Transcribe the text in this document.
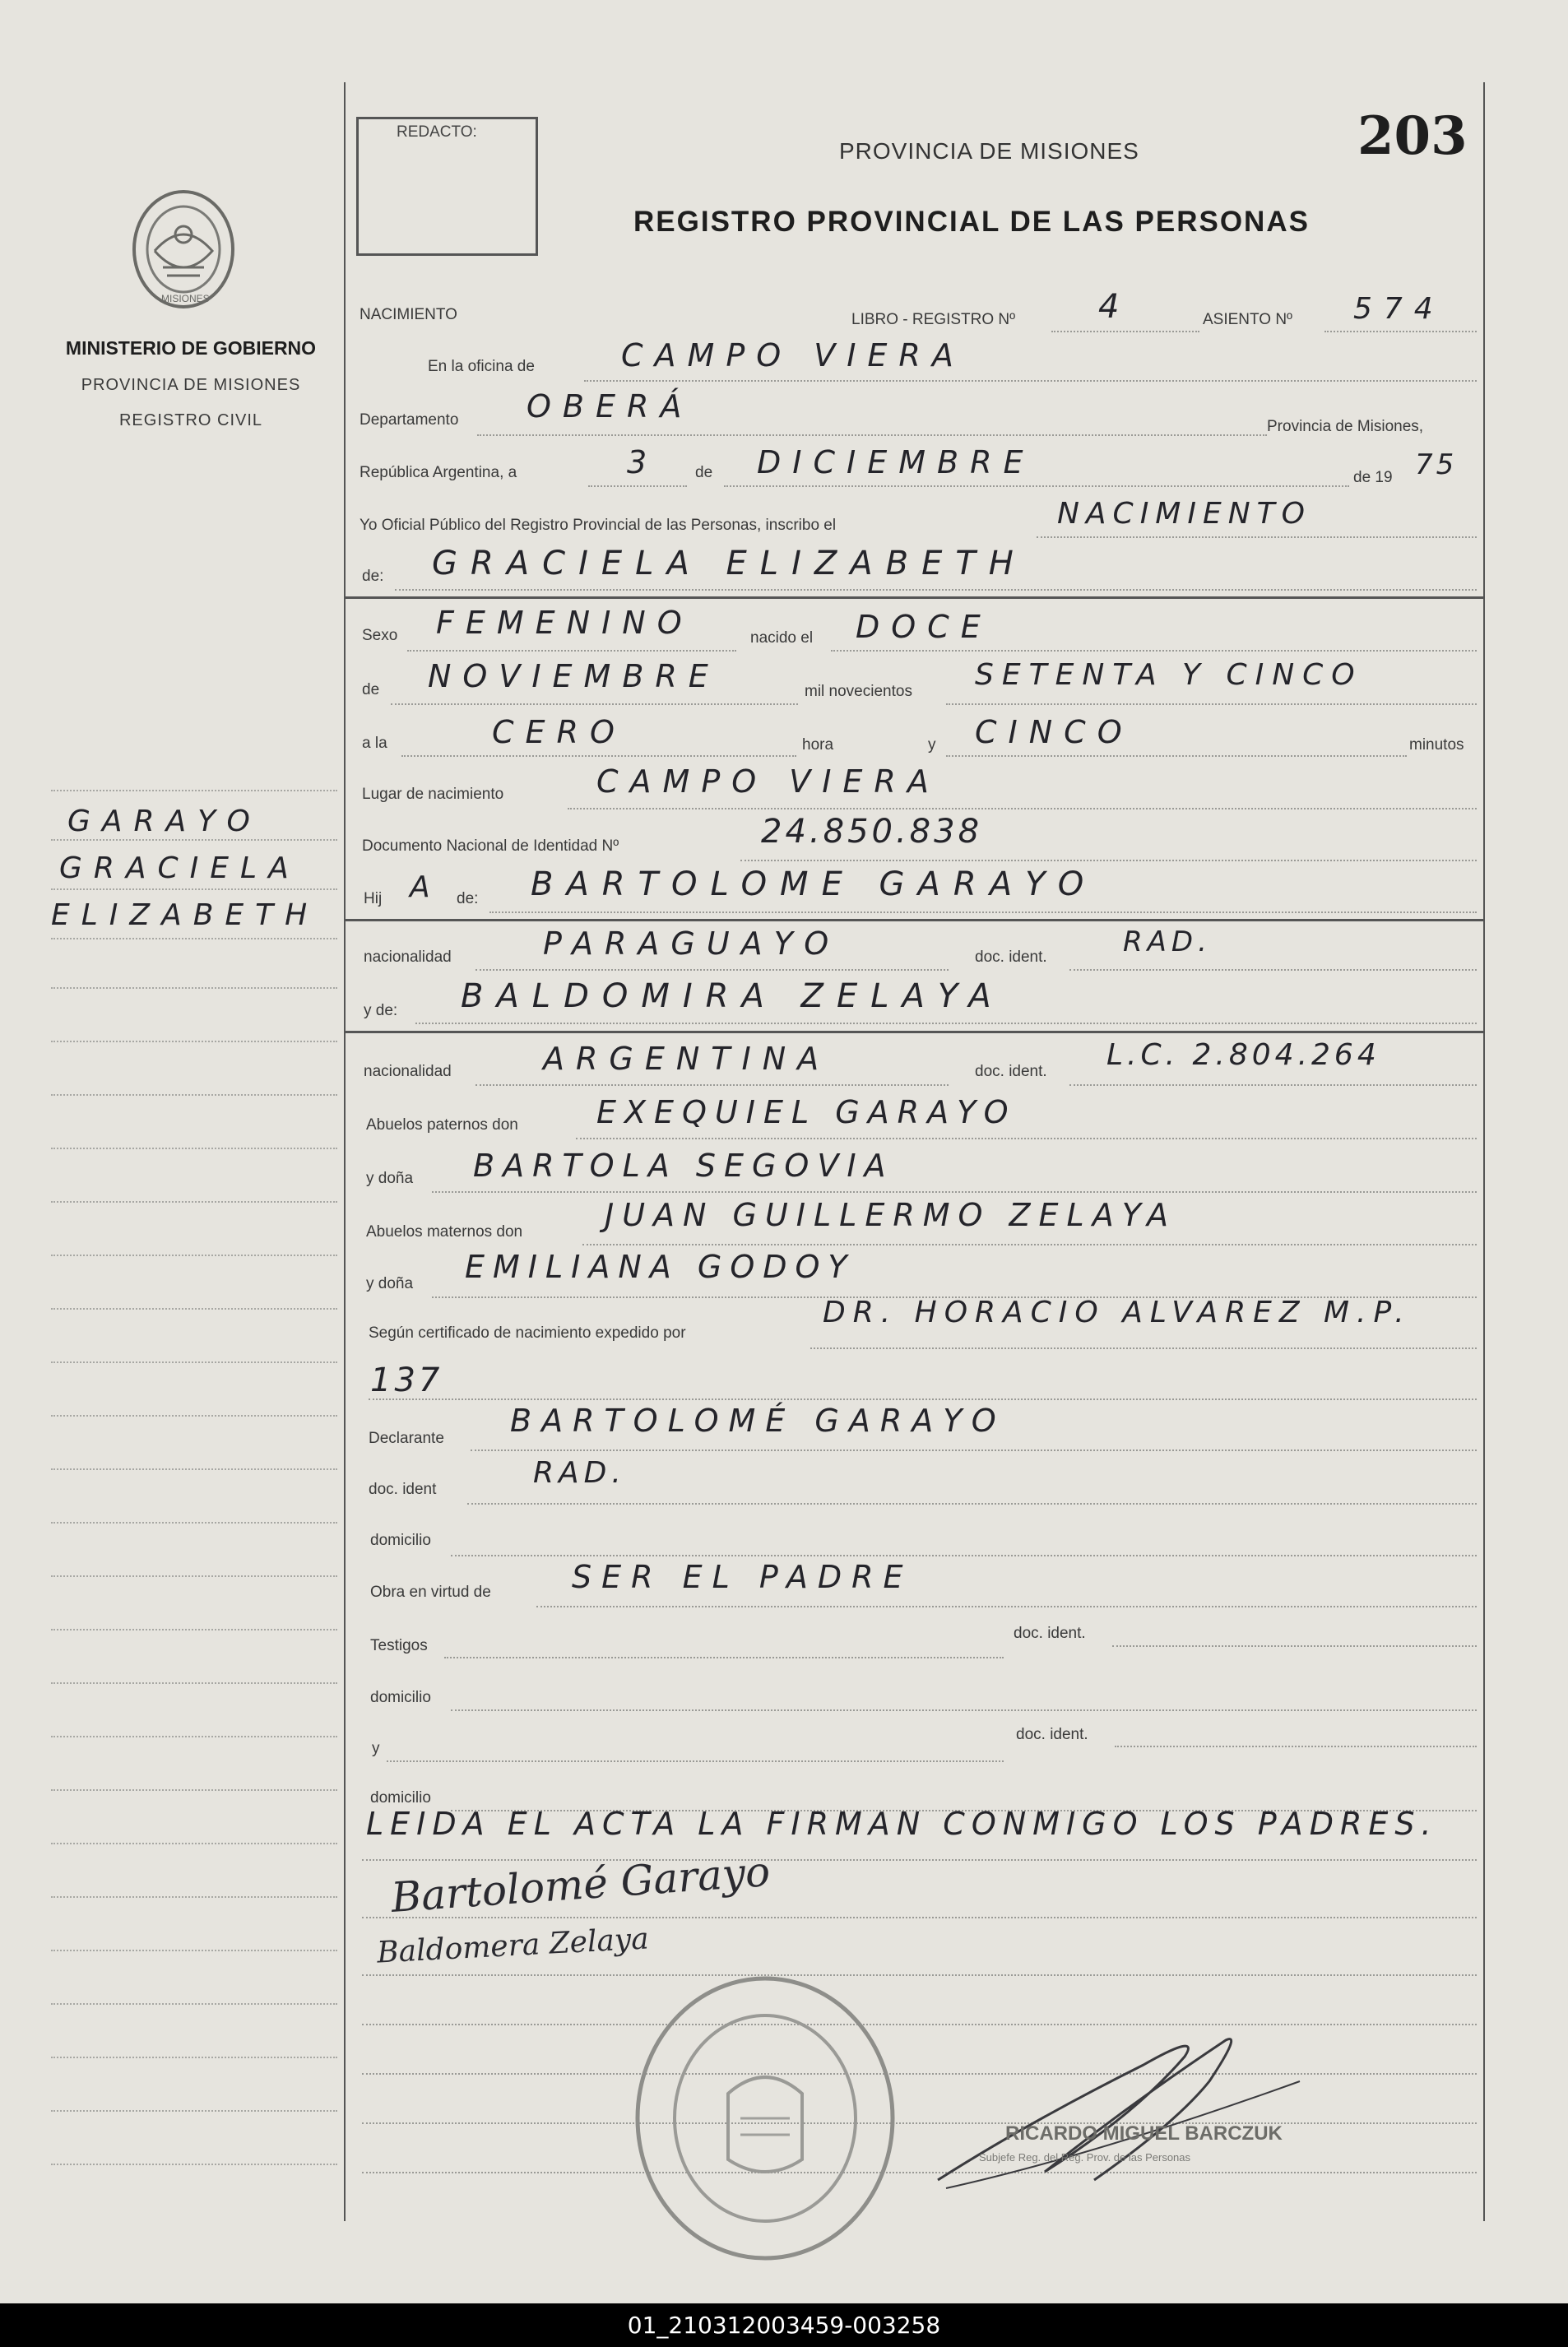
MISIONES
MINISTERIO DE GOBIERNO
PROVINCIA DE MISIONES
REGISTRO CIVIL
GARAYO
GRACIELA
ELIZABETH
REDACTO:	203
PROVINCIA DE MISIONES
REGISTRO PROVINCIAL DE LAS PERSONAS
NACIMIENTO	LIBRO - REGISTRO Nº	4	ASIENTO Nº 574
En la oficina de	CAMPO VIERA
Departamento OBERÁ
Provincia de Misiones,
República Argentina, a	3 de DICIEMBRE	de 19 75
Yo Oficial Público del Registro Provincial de las Personas, inscribo el	NACIMIENTO
de: GRACIELA ELIZABETH
Sexo FEMENINO	nacido el DOCE
de NOVIEMBRE	mil novecientos SETENTA Y CINCO
a la	CERO	hora	y CINCO	minutos
Lugar de nacimiento	CAMPO VIERA
Documento Nacional de Identidad Nº	24.850.838
Hij A de: BARTOLOME GARAYO
nacionalidad	PARAGUAYO	doc. ident.	RAD.
y de: BALDOMIRA ZELAYA
nacionalidad	ARGENTINA	doc. ident. L.C. 2.804.264
Abuelos paternos don	EXEQUIEL GARAYO
y doña BARTOLA SEGOVIA
Abuelos maternos don	JUAN GUILLERMO ZELAYA
y doña EMILIANA GODOY
Según certificado de nacimiento expedido por
DR. HORACIO ALVAREZ M.P.
137
Declarante BARTOLOMÉ GARAYO
doc. ident	RAD.
domicilio
Obra en virtud de	SER EL PADRE
Testigos
doc. ident.
domicilio
y
doc. ident.
domicilio
LEIDA EL ACTA LA FIRMAN CONMIGO LOS PADRES.
Bartolomé Garayo
Baldomera Zelaya
RICARDO MIGUEL BARCZUK
Subjefe Reg. del Reg. Prov. de las Personas
01_210312003459-003258
